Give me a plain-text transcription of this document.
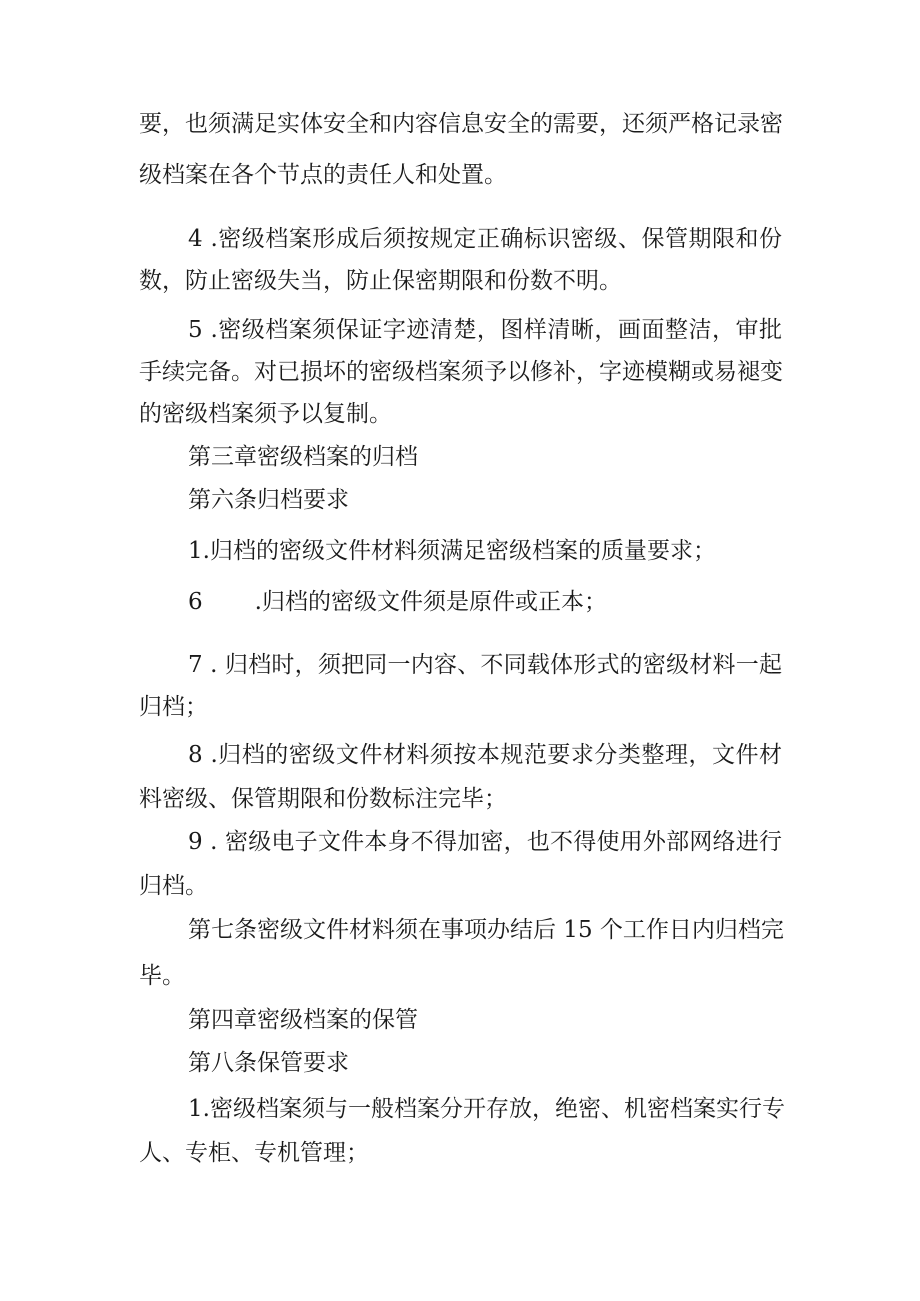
要，也须满足实体安全和内容信息安全的需要，还须严格记录密
级档案在各个节点的责任人和处置。
4 .密级档案形成后须按规定正确标识密级、保管期限和份
数，防止密级失当，防止保密期限和份数不明。
5 .密级档案须保证字迹清楚，图样清晰，画面整洁，审批
手续完备。对已损坏的密级档案须予以修补，字迹模糊或易褪变
的密级档案须予以复制。
第三章密级档案的归档
第六条归档要求
1.归档的密级文件材料须满足密级档案的质量要求；
6 .归档的密级文件须是原件或正本；
7 . 归档时，须把同一内容、不同载体形式的密级材料一起
归档；
8 .归档的密级文件材料须按本规范要求分类整理，文件材
料密级、保管期限和份数标注完毕；
9 . 密级电子文件本身不得加密，也不得使用外部网络进行
归档。
第七条密级文件材料须在事项办结后 15 个工作日内归档完
毕。
第四章密级档案的保管
第八条保管要求
1.密级档案须与一般档案分开存放，绝密、机密档案实行专
人、专柜、专机管理；
